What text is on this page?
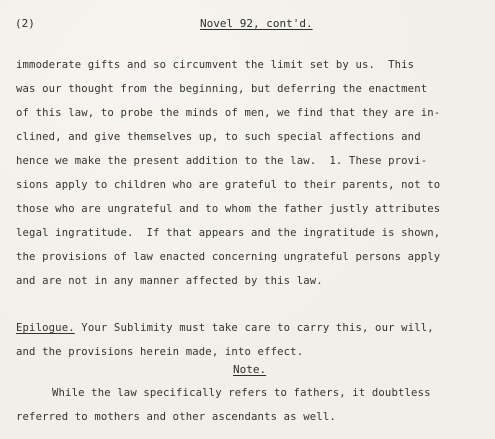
(2)	Novel 92, cont'd.
immoderate gifts and so circumvent the limit set by us.  This
was our thought from the beginning, but deferring the enactment
of this law, to probe the minds of men, we find that they are in-
clined, and give themselves up, to such special affections and
hence we make the present addition to the law.  1. These provi-
sions apply to children who are grateful to their parents, not to
those who are ungrateful and to whom the father justly attributes
legal ingratitude.  If that appears and the ingratitude is shown,
the provisions of law enacted concerning ungrateful persons apply
and are not in any manner affected by this law.
Epilogue. Your Sublimity must take care to carry this, our will,
and the provisions herein made, into effect.
Note.
While the law specifically refers to fathers, it doubtless
referred to mothers and other ascendants as well.
